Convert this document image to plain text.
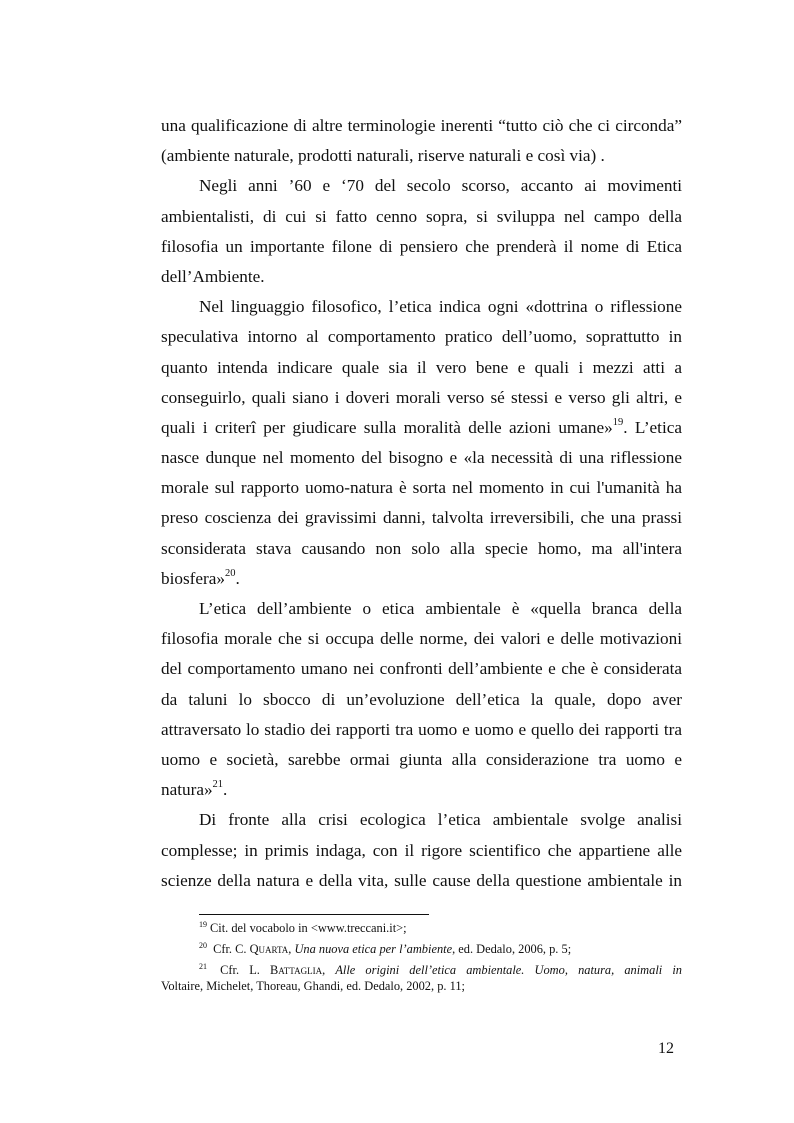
una qualificazione di altre terminologie inerenti “tutto ciò che ci circonda”
(ambiente naturale, prodotti naturali, riserve naturali e così via) .
Negli anni ’60 e ‘70 del secolo scorso, accanto ai movimenti
ambientalisti, di cui si fatto cenno sopra, si sviluppa nel campo della
filosofia un importante filone di pensiero che prenderà il nome di Etica
dell’Ambiente.
Nel linguaggio filosofico, l’etica indica ogni «dottrina o riflessione
speculativa intorno al comportamento pratico dell’uomo, soprattutto in
quanto intenda indicare quale sia il vero bene e quali i mezzi atti a
conseguirlo, quali siano i doveri morali verso sé stessi e verso gli altri, e
quali i criterî per giudicare sulla moralità delle azioni umane»$^{19}$. L’etica
nasce dunque nel momento del bisogno e «la necessità di una riflessione
morale sul rapporto uomo-natura è sorta nel momento in cui l'umanità ha
preso coscienza dei gravissimi danni, talvolta irreversibili, che una prassi
sconsiderata stava causando non solo alla specie homo, ma all'intera
biosfera»$^{20}$.
L’etica dell’ambiente o etica ambientale è «quella branca della
filosofia morale che si occupa delle norme, dei valori e delle motivazioni
del comportamento umano nei confronti dell’ambiente e che è considerata
da taluni lo sbocco di un’evoluzione dell’etica la quale, dopo aver
attraversato lo stadio dei rapporti tra uomo e uomo e quello dei rapporti tra
uomo e società, sarebbe ormai giunta alla considerazione tra uomo e
natura»$^{21}$.
Di fronte alla crisi ecologica l’etica ambientale svolge analisi
complesse; in primis indaga, con il rigore scientifico che appartiene alle
scienze della natura e della vita, sulle cause della questione ambientale in
$^{19}$ Cit. del vocabolo in <www.treccani.it>;
$^{20}$ Cfr. C. Quarta, Una nuova etica per l’ambiente, ed. Dedalo, 2006, p. 5;
$^{21}$ Cfr. L. Battaglia, Alle origini dell’etica ambientale. Uomo, natura, animali in
Voltaire, Michelet, Thoreau, Ghandi, ed. Dedalo, 2002, p. 11;
12
